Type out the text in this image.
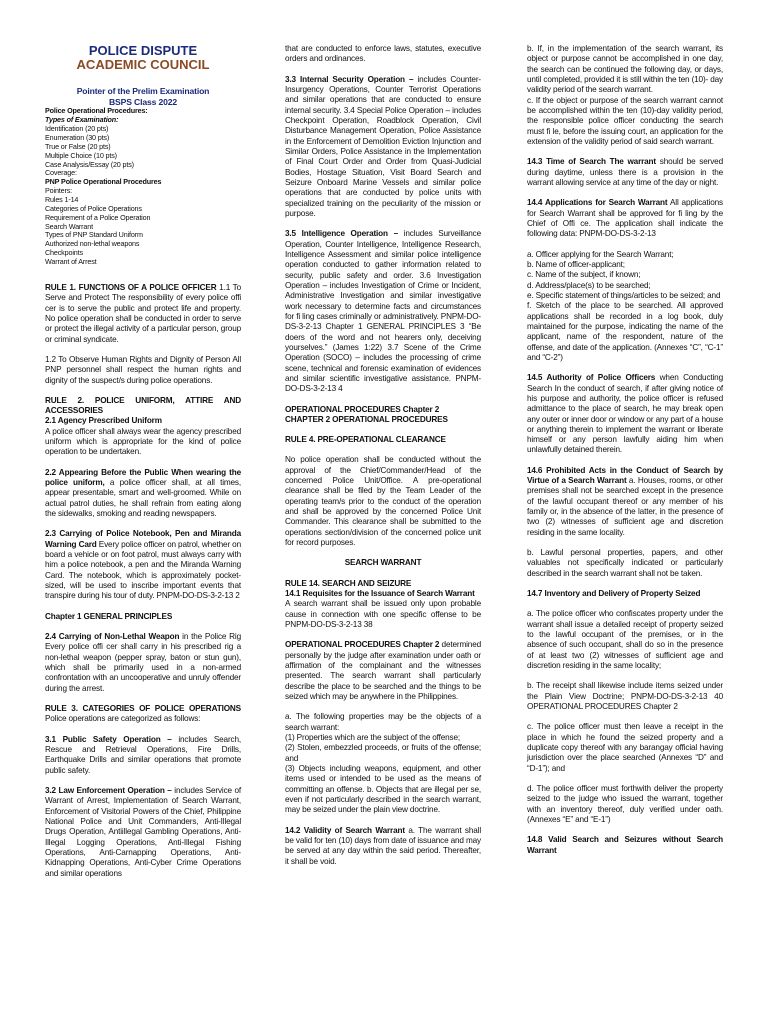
POLICE DISPUTE
ACADEMIC COUNCIL
Pointer of the Prelim Examination
BSPS Class 2022
Police Operational Procedures:
Types of Examination:
Identification (20 pts)
Enumeration (30 pts)
True or False (20 pts)
Multiple Choice (10 pts)
Case Analysis/Essay (20 pts)
Coverage:
PNP Police Operational Procedures
Pointers:
Rules 1-14
Categories of Police Operations
Requirement of a Police Operation
Search Warrant
Types of PNP Standard Uniform
Authorized non-lethal weapons
Checkpoints
Warrant of Arrest

RULE 1. FUNCTIONS OF A POLICE OFFICER 1.1 To Serve and Protect The responsibility of every police offi cer is to serve the public and protect life and property. No police operation shall be conducted in order to serve or protect the illegal activity of a particular person, group or criminal syndicate.

1.2 To Observe Human Rights and Dignity of Person All PNP personnel shall respect the human rights and dignity of the suspect/s during police operations.

RULE 2. POLICE UNIFORM, ATTIRE AND ACCESSORIES
2.1 Agency Prescribed Uniform
A police officer shall always wear the agency prescribed uniform which is appropriate for the kind of police operation to be undertaken.

2.2 Appearing Before the Public When wearing the police uniform, a police officer shall, at all times, appear presentable, smart and well-groomed. While on actual patrol duties, he shall refrain from eating along the sidewalks, smoking and reading newspapers.

2.3 Carrying of Police Notebook, Pen and Miranda Warning Card Every police officer on patrol, whether on board a vehicle or on foot patrol, must always carry with him a police notebook, a pen and the Miranda Warning Card. The notebook, which is approximately pocket-sized, will be used to inscribe important events that transpire during his tour of duty. PNPM-DO-DS-3-2-13 2

Chapter 1 GENERAL PRINCIPLES

2.4 Carrying of Non-Lethal Weapon in the Police Rig Every police offi cer shall carry in his prescribed rig a non-lethal weapon (pepper spray, baton or stun gun), which shall be primarily used in a non-armed confrontation with an uncooperative and unruly offender during the arrest.

RULE 3. CATEGORIES OF POLICE OPERATIONS Police operations are categorized as follows:

3.1 Public Safety Operation – includes Search, Rescue and Retrieval Operations, Fire Drills, Earthquake Drills and similar operations that promote public safety.

3.2 Law Enforcement Operation – includes Service of Warrant of Arrest, Implementation of Search Warrant, Enforcement of Visitorial Powers of the Chief, Philippine National Police and Unit Commanders, Anti-Illegal Drugs Operation, Antiillegal Gambling Operations, Anti-Illegal Logging Operations, Anti-Illegal Fishing Operations, Anti-Carnapping Operations, Anti-Kidnapping Operations, Anti-Cyber Crime Operations and similar operations

that are conducted to enforce laws, statutes, executive orders and ordinances.

3.3 Internal Security Operation – includes Counter-Insurgency Operations, Counter Terrorist Operations and similar operations that are conducted to ensure internal security. 3.4 Special Police Operation – includes Checkpoint Operation, Roadblock Operation, Civil Disturbance Management Operation, Police Assistance in the Enforcement of Demolition Eviction Injunction and Similar Orders, Police Assistance in the Implementation of Final Court Order and Order from Quasi-Judicial Bodies, Hostage Situation, Visit Board Search and Seizure Onboard Marine Vessels and similar police operations that are conducted by police units with specialized training on the peculiarity of the mission or purpose.

3.5 Intelligence Operation – includes Surveillance Operation, Counter Intelligence, Intelligence Research, Intelligence Assessment and similar police intelligence operation conducted to gather information related to security, public safety and order. 3.6 Investigation Operation – includes Investigation of Crime or Incident, Administrative Investigation and similar investigative work necessary to determine facts and circumstances for fi ling cases criminally or administratively. PNPM-DO-DS-3-2-13 Chapter 1 GENERAL PRINCIPLES 3 “Be doers of the word and not hearers only, deceiving yourselves.” (James 1:22) 3.7 Scene of the Crime Operation (SOCO) – includes the processing of crime scene, technical and forensic examination of evidences and similar scientific investigative assistance. PNPM-DO-DS-3-2-13 4

OPERATIONAL PROCEDURES Chapter 2
CHAPTER 2 OPERATIONAL PROCEDURES

RULE 4. PRE-OPERATIONAL CLEARANCE

No police operation shall be conducted without the approval of the Chief/Commander/Head of the concerned Police Unit/Office. A pre-operational clearance shall be filed by the Team Leader of the operating team/s prior to the conduct of the operation and shall be approved by the concerned Police Unit Commander. This clearance shall be submitted to the operations section/division of the concerned police unit for record purposes.

SEARCH WARRANT

RULE 14. SEARCH AND SEIZURE
14.1 Requisites for the Issuance of Search Warrant
A search warrant shall be issued only upon probable cause in connection with one specific offense to be PNPM-DO-DS-3-2-13 38

OPERATIONAL PROCEDURES Chapter 2 determined personally by the judge after examination under oath or affirmation of the complainant and the witnesses presented. The search warrant shall particularly describe the place to be searched and the things to be seized which may be anywhere in the Philippines.

a. The following properties may be the objects of a search warrant:
(1) Properties which are the subject of the offense;
(2) Stolen, embezzled proceeds, or fruits of the offense; and
(3) Objects including weapons, equipment, and other items used or intended to be used as the means of committing an offense. b. Objects that are illegal per se, even if not particularly described in the search warrant, may be seized under the plain view doctrine.

14.2 Validity of Search Warrant a. The warrant shall be valid for ten (10) days from date of issuance and may be served at any day within the said period. Thereafter, it shall be void.

b. If, in the implementation of the search warrant, its object or purpose cannot be accomplished in one day, the search can be continued the following day, or days, until completed, provided it is still within the ten (10)- day validity period of the search warrant.
c. If the object or purpose of the search warrant cannot be accomplished within the ten (10)-day validity period, the responsible police officer conducting the search must fi le, before the issuing court, an application for the extension of the validity period of said search warrant.

14.3 Time of Search The warrant should be served during daytime, unless there is a provision in the warrant allowing service at any time of the day or night.

14.4 Applications for Search Warrant All applications for Search Warrant shall be approved for fi ling by the Chief of Offi ce. The application shall indicate the following data: PNPM-DO-DS-3-2-13

a. Officer applying for the Search Warrant;
b. Name of officer-applicant;
c. Name of the subject, if known;
d. Address/place(s) to be searched;
e. Specific statement of things/articles to be seized; and
f. Sketch of the place to be searched. All approved applications shall be recorded in a log book, duly maintained for the purpose, indicating the name of the applicant, name of the respondent, nature of the offense, and date of the application. (Annexes “C”, “C-1” and “C-2”)

14.5 Authority of Police Officers when Conducting Search In the conduct of search, if after giving notice of his purpose and authority, the police officer is refused admittance to the place of search, he may break open any outer or inner door or window or any part of a house or anything therein to implement the warrant or liberate himself or any person lawfully aiding him when unlawfully detained therein.

14.6 Prohibited Acts in the Conduct of Search by Virtue of a Search Warrant a. Houses, rooms, or other premises shall not be searched except in the presence of the lawful occupant thereof or any member of his family or, in the absence of the latter, in the presence of two (2) witnesses of sufficient age and discretion residing in the same locality.

b. Lawful personal properties, papers, and other valuables not specifically indicated or particularly described in the search warrant shall not be taken.

14.7 Inventory and Delivery of Property Seized

a. The police officer who confiscates property under the warrant shall issue a detailed receipt of property seized to the lawful occupant of the premises, or in the absence of such occupant, shall do so in the presence of at least two (2) witnesses of sufficient age and discretion residing in the same locality;

b. The receipt shall likewise include items seized under the Plain View Doctrine; PNPM-DO-DS-3-2-13 40 OPERATIONAL PROCEDURES Chapter 2

c. The police officer must then leave a receipt in the place in which he found the seized property and a duplicate copy thereof with any barangay official having jurisdiction over the place searched (Annexes “D” and “D-1”); and

d. The police officer must forthwith deliver the property seized to the judge who issued the warrant, together with an inventory thereof, duly verified under oath. (Annexes “E” and “E-1”)

14.8 Valid Search and Seizures without Search Warrant
